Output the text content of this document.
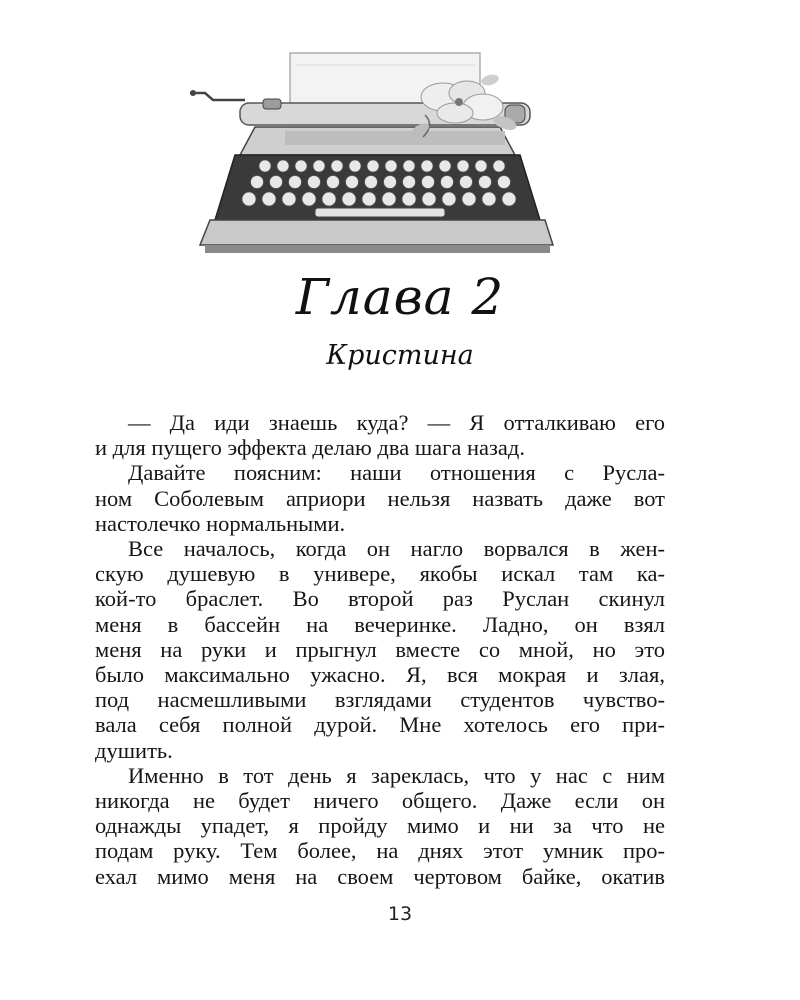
Глава 2
Кристина

— Да иди знаешь куда? — Я отталкиваю его
и для пущего эффекта делаю два шага назад.

Давайте поясним: наши отношения с Русла-
ном Соболевым априори нельзя назвать даже вот
настолечко нормальными.

Все началось, когда он нагло ворвался в жен-
скую душевую в универе, якобы искал там ка-
кой-то браслет. Во второй раз Руслан скинул
меня в бассейн на вечеринке. Ладно, он взял
меня на руки и прыгнул вместе со мной, но это
было максимально ужасно. Я, вся мокрая и злая,
под насмешливыми взглядами студентов чувство-
вала себя полной дурой. Мне хотелось его при-
душить.

Именно в тот день я зареклась, что у нас с ним
никогда не будет ничего общего. Даже если он
однажды упадет, я пройду мимо и ни за что не
подам руку. Тем более, на днях этот умник про-
ехал мимо меня на своем чертовом байке, окатив

13
